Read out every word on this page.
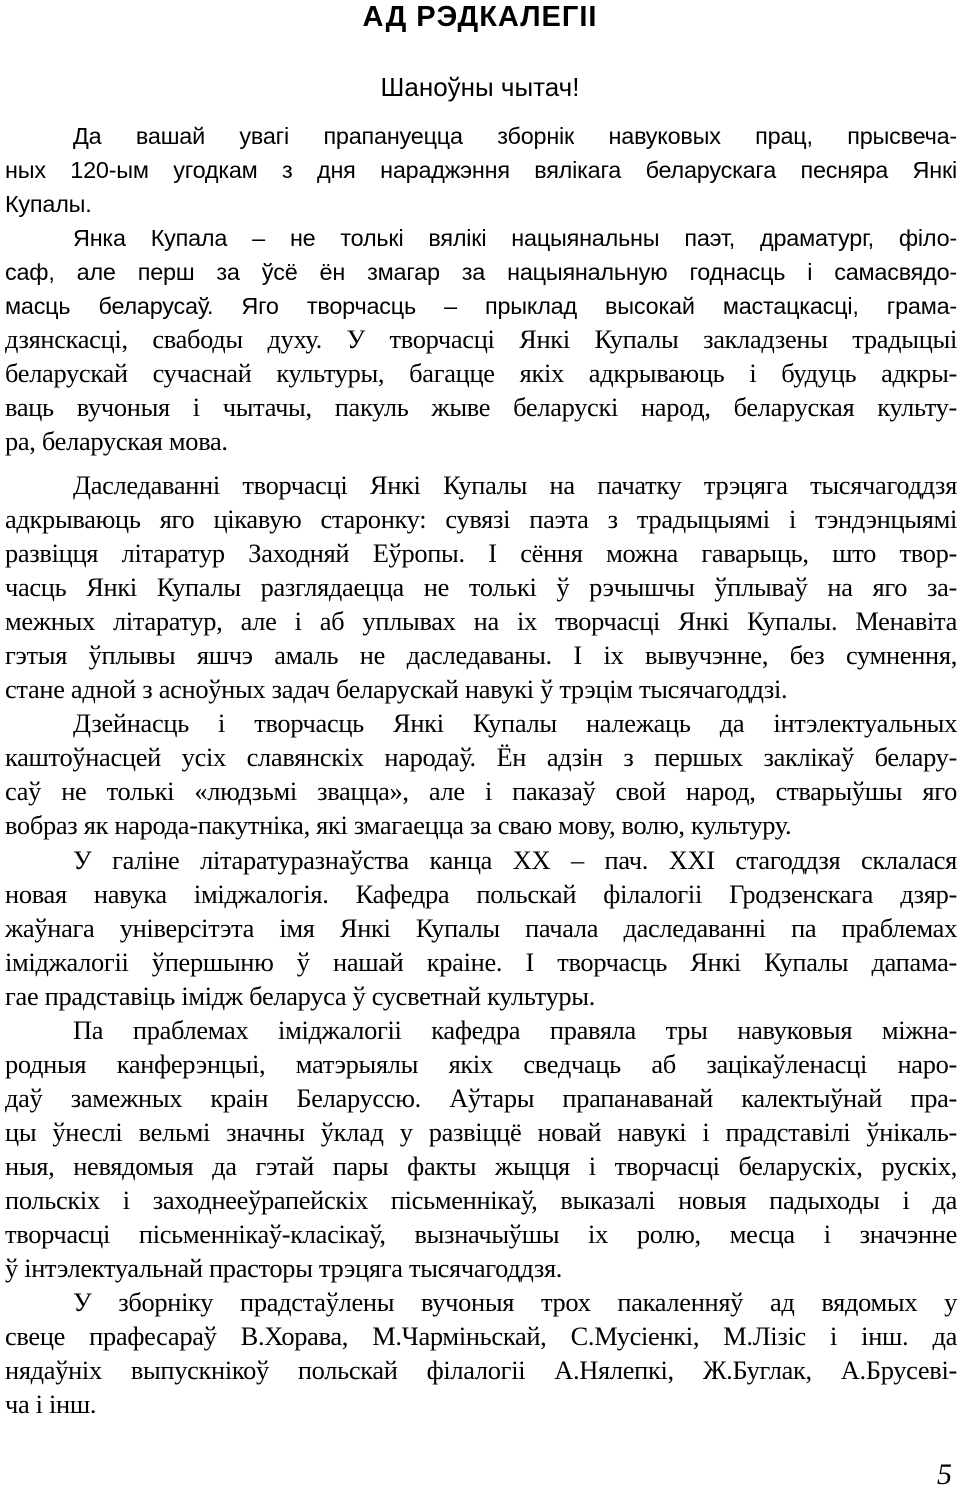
АД РЭДКАЛЕГІІ
Шаноўны чытач!

Да вашай увагі прапануецца зборнік навуковых прац, прысвеча-
ных 120-ым угодкам з дня нараджэння вялікага беларускага песняра Янкі
Купалы.

Янка Купала – не толькі вялікі нацыянальны паэт, драматург, філо-
саф, але перш за ўсё ён змагар за нацыянальную годнасць і самасвядо-
масць беларусаў. Яго творчасць – прыклад высокай мастацкасці, грама-
дзянскасці, свабоды духу. У творчасці Янкі Купалы закладзены традыцыі
беларускай сучаснай культуры, багацце якіх адкрываюць і будуць адкры-
ваць вучоныя і чытачы, пакуль жыве беларускі народ, беларуская культу-
ра, беларуская мова.

Даследаванні творчасці Янкі Купалы на пачатку трэцяга тысячагоддзя
адкрываюць яго цікавую старонку: сувязі паэта з традыцыямі і тэндэнцыямі
развіцця літаратур Заходняй Еўропы. І сёння можна гаварыць, што твор-
часць Янкі Купалы разглядаецца не толькі ў рэчышчы ўплываў на яго за-
межных літаратур, але і аб уплывах на іх творчасці Янкі Купалы. Менавіта
гэтыя ўплывы яшчэ амаль не даследаваны. І іх вывучэнне, без сумнення,
стане адной з асноўных задач беларускай навукі ў трэцім тысячагоддзі.

Дзейнасць і творчасць Янкі Купалы належаць да інтэлектуальных
каштоўнасцей усіх славянскіх народаў. Ён адзін з першых заклікаў белару-
саў не толькі «людзьмі звацца», але і паказаў свой народ, стварыўшы яго
вобраз як народа-пакутніка, які змагаецца за сваю мову, волю, культуру.

У галіне літаратуразнаўства канца ХХ – пач. ХХІ стагоддзя склалася
новая навука іміджалогія. Кафедра польскай філалогіі Гродзенскага дзяр-
жаўнага універсітэта імя Янкі Купалы пачала даследаванні па праблемах
іміджалогіі ўпершыню ў нашай краіне. І творчасць Янкі Купалы дапама-
гае прадставіць імідж беларуса ў сусветнай культуры.

Па праблемах іміджалогіі кафедра правяла тры навуковыя міжна-
родныя канферэнцыі, матэрыялы якіх сведчаць аб зацікаўленасці наро-
даў замежных краін Беларуссю. Аўтары прапанаванай калектыўнай пра-
цы ўнеслі вельмі значны ўклад у развіццё новай навукі і прадставілі ўнікаль-
ныя, невядомыя да гэтай пары факты жыцця і творчасці беларускіх, рускіх,
польскіх і заходнееўрапейскіх пісьменнікаў, выказалі новыя падыходы і да
творчасці пісьменнікаў-класікаў, вызначыўшы іх ролю, месца і значэнне
ў інтэлектуальнай прасторы трэцяга тысячагоддзя.

У зборніку прадстаўлены вучоныя трох пакаленняў ад вядомых у
свеце прафесараў В.Хорава, М.Чармiньскай, С.Мусіенкі, М.Лізіс і інш. да
нядаўніх выпускнікоў польскай філалогіі А.Нялепкі, Ж.Буглак, А.Брусеві-
ча і інш.

5
